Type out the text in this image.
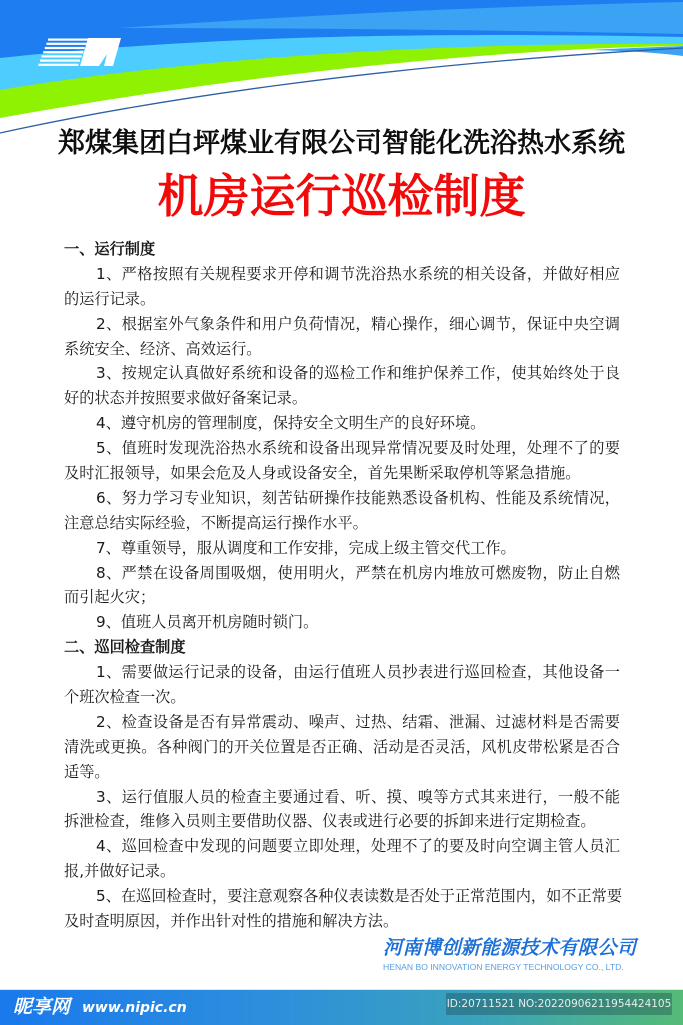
郑煤集团白坪煤业有限公司智能化洗浴热水系统
机房运行巡检制度
一、运行制度
1、严格按照有关规程要求开停和调节洗浴热水系统的相关设备，并做好相应
的运行记录。
2、根据室外气象条件和用户负荷情况，精心操作，细心调节，保证中央空调
系统安全、经济、高效运行。
3、按规定认真做好系统和设备的巡检工作和维护保养工作，使其始终处于良
好的状态并按照要求做好备案记录。
4、遵守机房的管理制度，保持安全文明生产的良好环境。
5、值班时发现洗浴热水系统和设备出现异常情况要及时处理，处理不了的要
及时汇报领导，如果会危及人身或设备安全，首先果断采取停机等紧急措施。
6、努力学习专业知识，刻苦钻研操作技能熟悉设备机构、性能及系统情况，
注意总结实际经验，不断提高运行操作水平。
7、尊重领导，服从调度和工作安排，完成上级主管交代工作。
8、严禁在设备周围吸烟，使用明火，严禁在机房内堆放可燃废物，防止自燃
而引起火灾；
9、值班人员离开机房随时锁门。
二、巡回检查制度
1、需要做运行记录的设备，由运行值班人员抄表进行巡回检查，其他设备一
个班次检查一次。
2、检查设备是否有异常震动、噪声、过热、结霜、泄漏、过滤材料是否需要
清洗或更换。各种阀门的开关位置是否正确、活动是否灵活，风机皮带松紧是否合
适等。
3、运行值服人员的检查主要通过看、听、摸、嗅等方式其来进行，一般不能
拆泄检查，维修入员则主要借助仪器、仪表或进行必要的拆卸来进行定期检查。
4、巡回检查中发现的问题要立即处理，处理不了的要及时向空调主管人员汇
报,并做好记录。
5、在巡回检查时，要注意观察各种仪表读数是否处于正常范围内，如不正常要
及时查明原因，并作出针对性的措施和解决方法。
河南博创新能源技术有限公司
HENAN BO INNOVATION ENERGY TECHNOLOGY CO., LTD.
昵享网 www.nipic.cn	ID:20711521 NO:20220906211954424105
